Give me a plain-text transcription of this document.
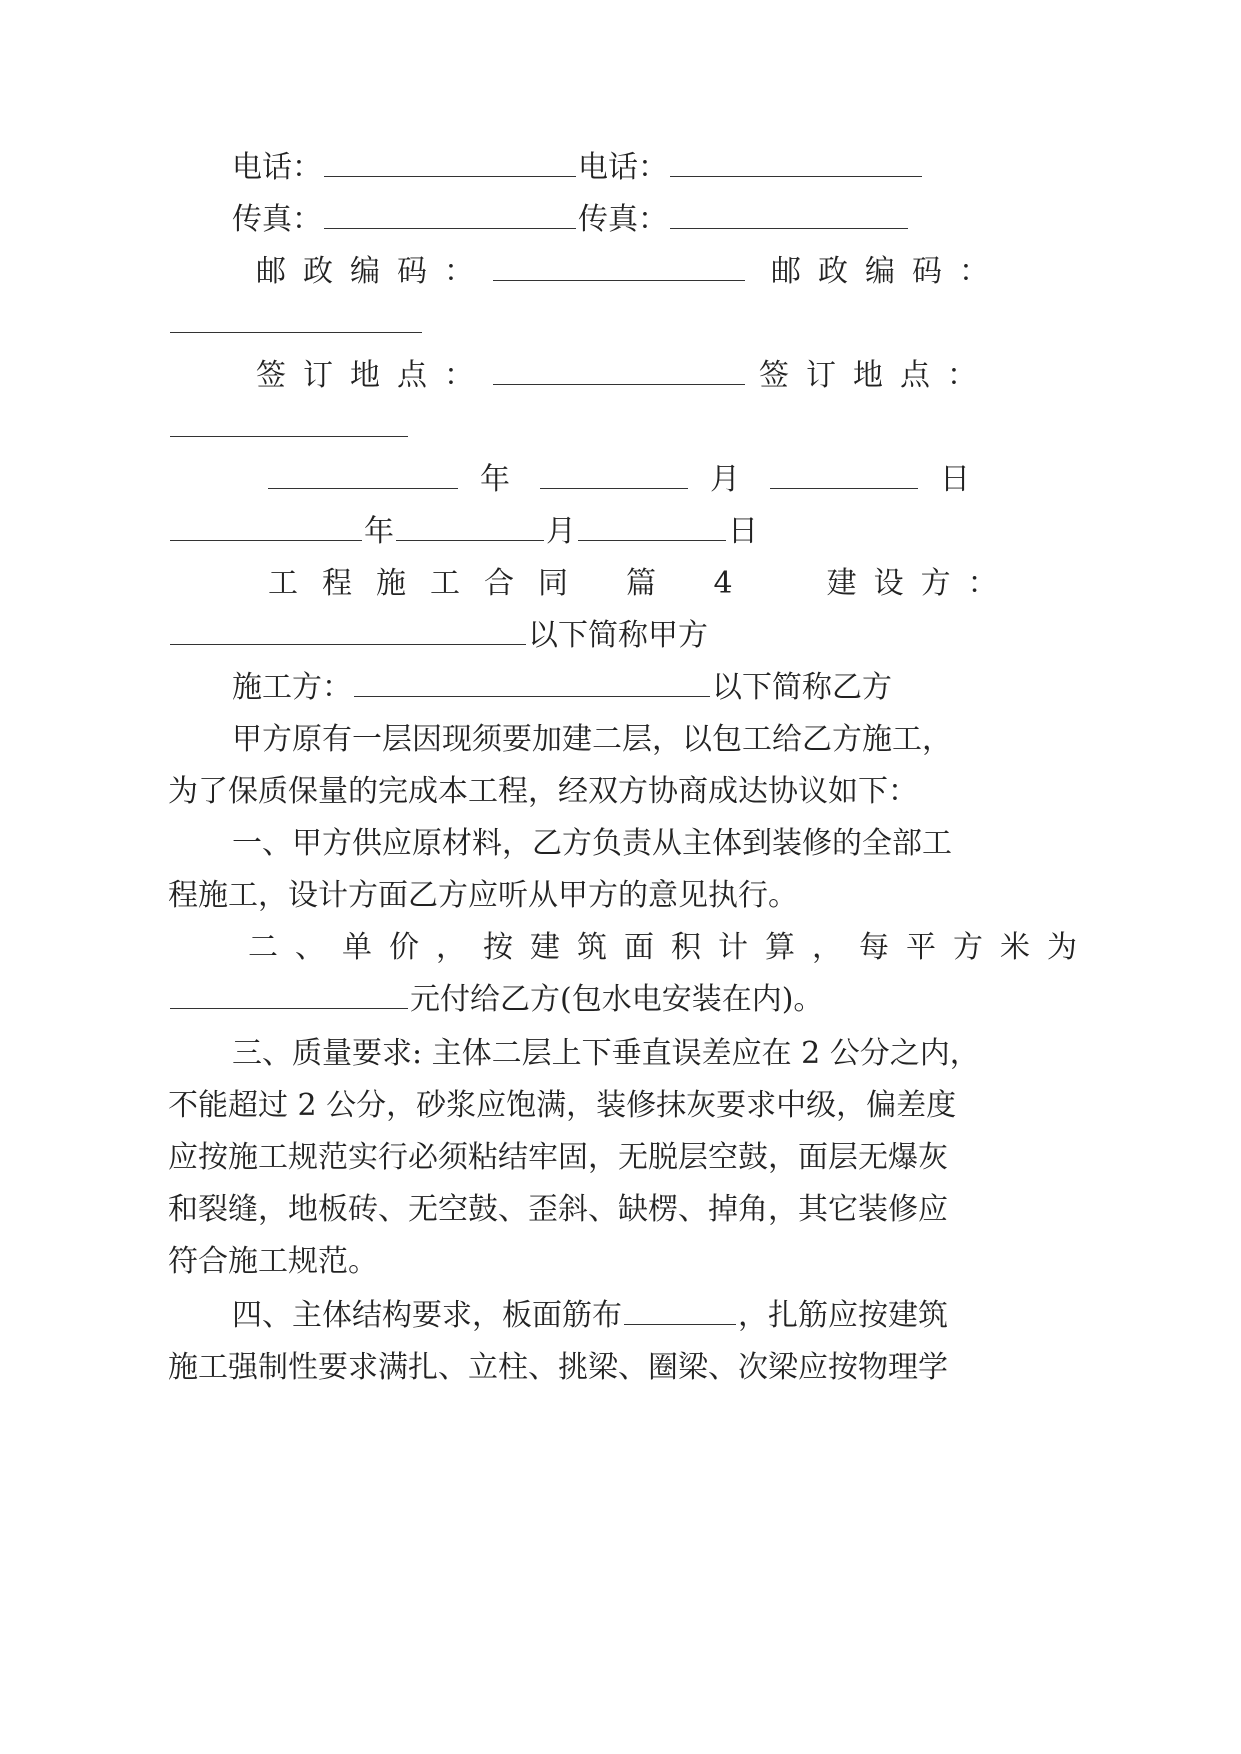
电话：	电话：
传真：	传真：
邮政编码：	邮政编码：
签订地点：	签订地点：
年	月	日
年	月	日
工程施工合同 篇 4 建设方：
以下简称甲方
施工方：	以下简称乙方
甲方原有一层因现须要加建二层，以包工给乙方施工，
为了保质保量的完成本工程，经双方协商成达协议如下：
一、甲方供应原材料，乙方负责从主体到装修的全部工
程施工，设计方面乙方应听从甲方的意见执行。
二、单价，按建筑面积计算，每平方米为
元付给乙方(包水电安装在内)。
三、质量要求: 主体二层上下垂直误差应在 2 公分之内，
不能超过 2 公分，砂浆应饱满，装修抹灰要求中级，偏差度
应按施工规范实行必须粘结牢固，无脱层空鼓，面层无爆灰
和裂缝，地板砖、无空鼓、歪斜、缺楞、掉角，其它装修应
符合施工规范。
四、主体结构要求，板面筋布	，扎筋应按建筑
施工强制性要求满扎、立柱、挑梁、圈梁、次梁应按物理学
